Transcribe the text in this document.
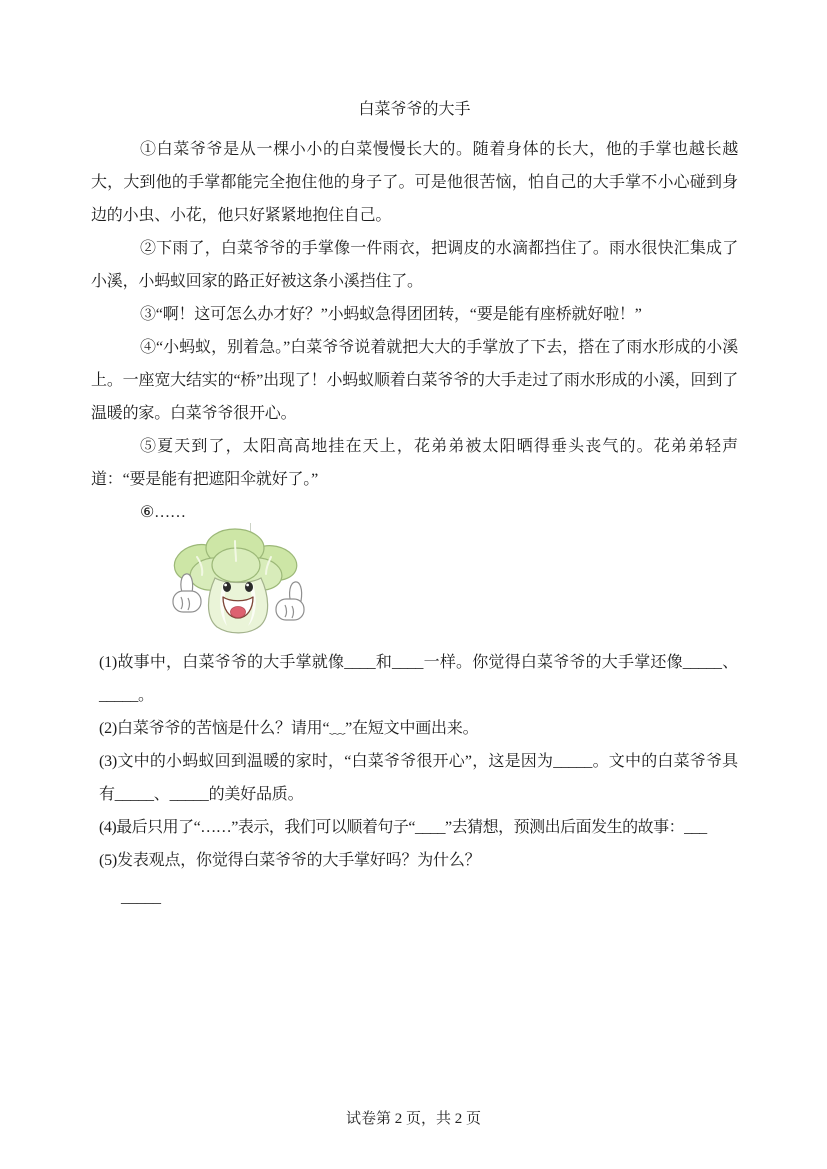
白菜爷爷的大手

①白菜爷爷是从一棵小小的白菜慢慢长大的。随着身体的长大，他的手掌也越长越大，大到他的手掌都能完全抱住他的身子了。可是他很苦恼，怕自己的大手掌不小心碰到身边的小虫、小花，他只好紧紧地抱住自己。

②下雨了，白菜爷爷的手掌像一件雨衣，把调皮的水滴都挡住了。雨水很快汇集成了小溪，小蚂蚁回家的路正好被这条小溪挡住了。

③“啊！这可怎么办才好？”小蚂蚁急得团团转，“要是能有座桥就好啦！”

④“小蚂蚁，别着急。”白菜爷爷说着就把大大的手掌放了下去，搭在了雨水形成的小溪上。一座宽大结实的“桥”出现了！小蚂蚁顺着白菜爷爷的大手走过了雨水形成的小溪，回到了温暖的家。白菜爷爷很开心。

⑤夏天到了，太阳高高地挂在天上，花弟弟被太阳晒得垂头丧气的。花弟弟轻声道：“要是能有把遮阳伞就好了。”

⑥……

(1)故事中，白菜爷爷的大手掌就像____和____一样。你觉得白菜爷爷的大手掌还像_____、_____。

(2)白菜爷爷的苦恼是什么？请用“﹏”在短文中画出来。

(3)文中的小蚂蚁回到温暖的家时，“白菜爷爷很开心”，这是因为_____。文中的白菜爷爷具有_____、_____的美好品质。

(4)最后只用了“……”表示，我们可以顺着句子“____”去猜想，预测出后面发生的故事：___

(5)发表观点，你觉得白菜爷爷的大手掌好吗？为什么？

_____

试卷第 2 页，共 2 页
